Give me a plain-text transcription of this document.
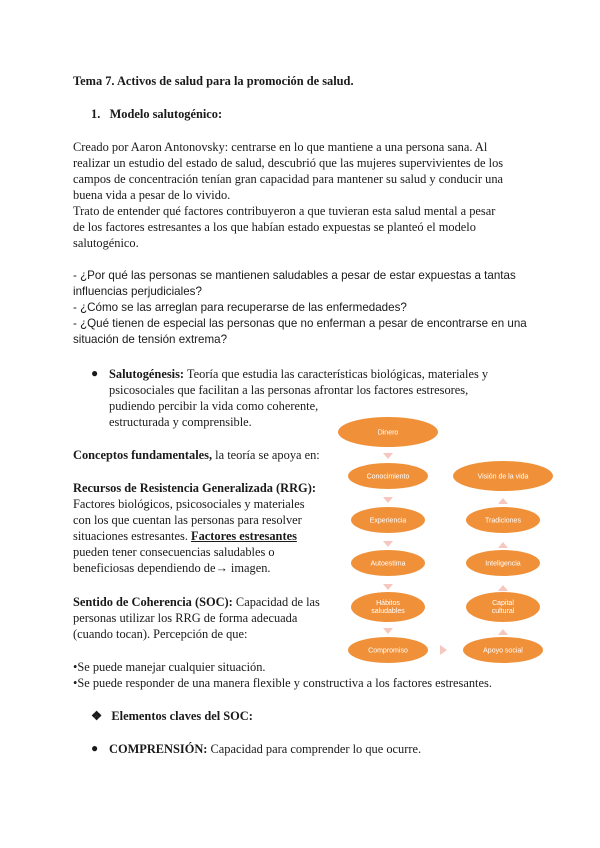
Tema 7. Activos de salud para la promoción de salud.
1. Modelo salutogénico:
Creado por Aaron Antonovsky: centrarse en lo que mantiene a una persona sana. Al
realizar un estudio del estado de salud, descubrió que las mujeres supervivientes de los
campos de concentración tenían gran capacidad para mantener su salud y conducir una
buena vida a pesar de lo vivido.
Trato de entender qué factores contribuyeron a que tuvieran esta salud mental a pesar
de los factores estresantes a los que habían estado expuestas se planteó el modelo
salutogénico.
- ¿Por qué las personas se mantienen saludables a pesar de estar expuestas a tantas
influencias perjudiciales?
- ¿Cómo se las arreglan para recuperarse de las enfermedades?
- ¿Qué tienen de especial las personas que no enferman a pesar de encontrarse en una
situación de tensión extrema?
● Salutogénesis: Teoría que estudia las características biológicas, materiales y
psicosociales que facilitan a las personas afrontar los factores estresores,
pudiendo percibir la vida como coherente,
estructurada y comprensible.
Conceptos fundamentales, la teoría se apoya en:
Recursos de Resistencia Generalizada (RRG):
Factores biológicos, psicosociales y materiales
con los que cuentan las personas para resolver
situaciones estresantes. Factores estresantes
pueden tener consecuencias saludables o
beneficiosas dependiendo de→ imagen.
Sentido de Coherencia (SOC): Capacidad de las
personas utilizar los RRG de forma adecuada
(cuando tocan). Percepción de que:
•Se puede manejar cualquier situación.
•Se puede responder de una manera flexible y constructiva a los factores estresantes.
❖ Elementos claves del SOC:
● COMPRENSIÓN: Capacidad para comprender lo que ocurre.
Dinero
Conocimiento
Experiencia
Autoestima
Hábitos
saludables
Compromiso
Visión de la vida
Tradiciones
Inteligencia
Capital
cultural
Apoyo social
